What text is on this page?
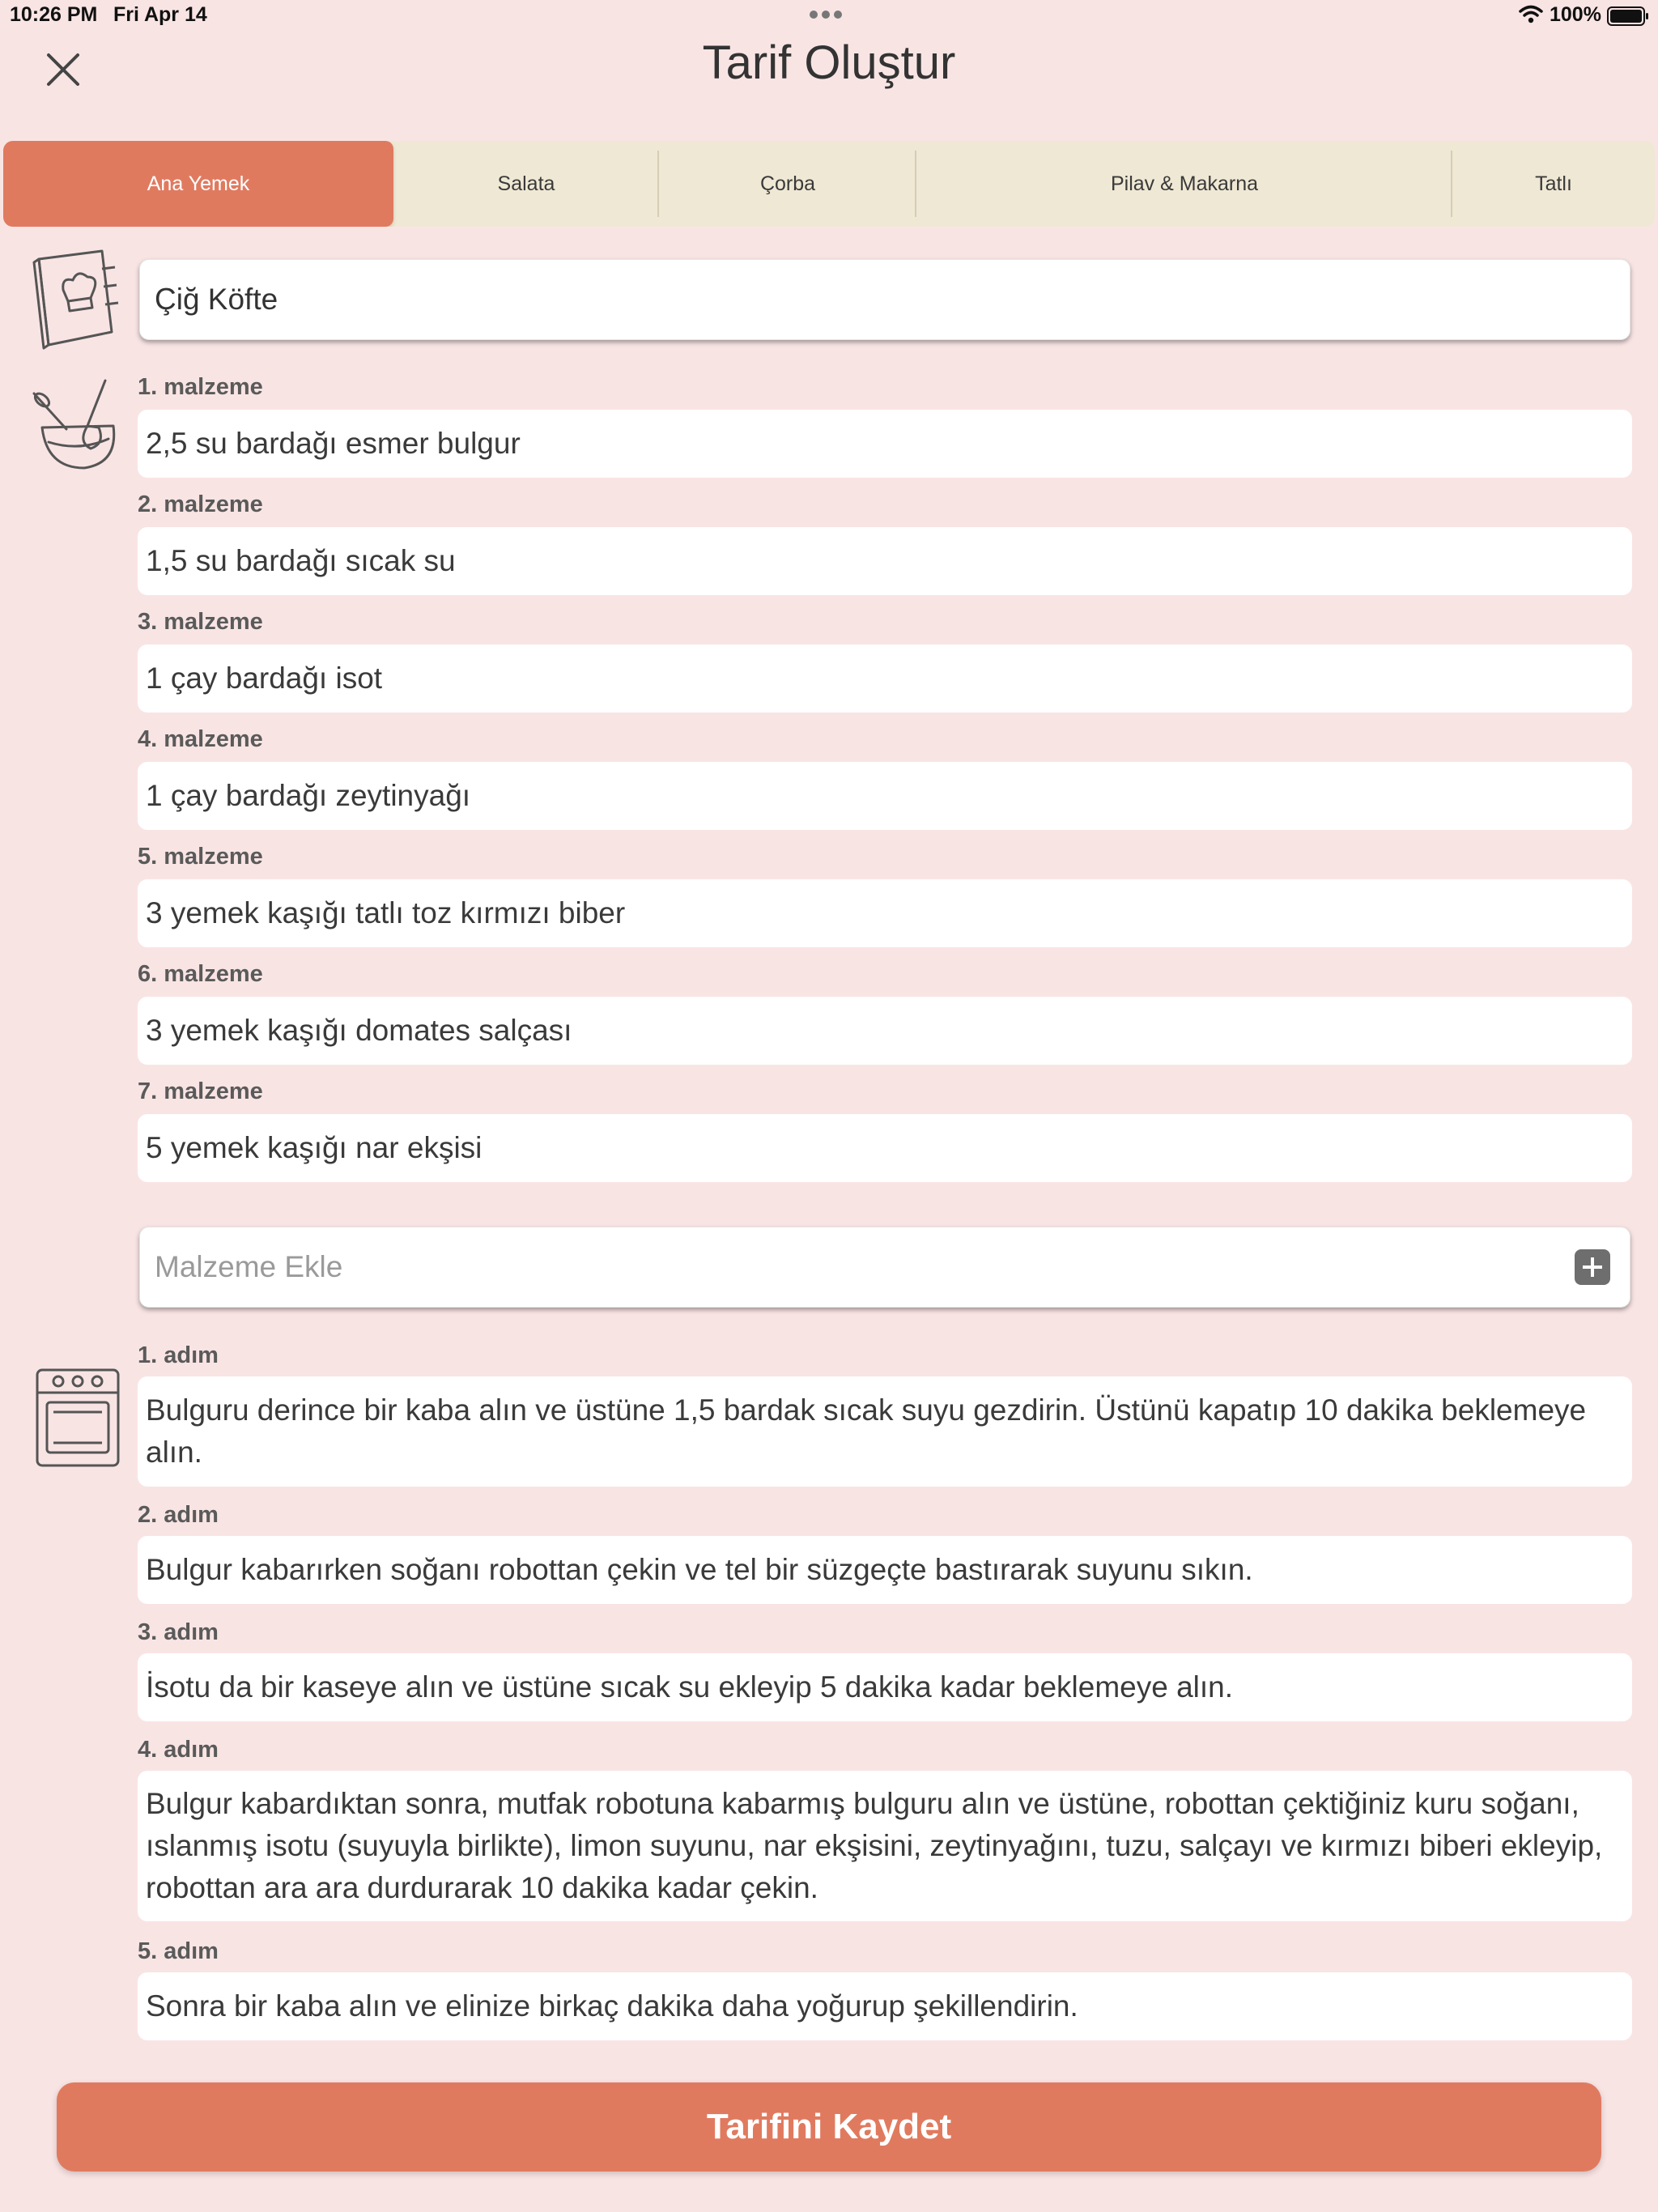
10:26 PM Fri Apr 14	100%
Tarif Oluştur
Ana Yemek	Salata	Çorba	Pilav & Makarna	Tatlı
Çiğ Köfte
1. malzeme
2,5 su bardağı esmer bulgur
2. malzeme
1,5 su bardağı sıcak su
3. malzeme
1 çay bardağı isot
4. malzeme
1 çay bardağı zeytinyağı
5. malzeme
3 yemek kaşığı tatlı toz kırmızı biber
6. malzeme
3 yemek kaşığı domates salçası
7. malzeme
5 yemek kaşığı nar ekşisi
Malzeme Ekle
1. adım
Bulguru derince bir kaba alın ve üstüne 1,5 bardak sıcak suyu gezdirin. Üstünü kapatıp 10 dakika beklemeye alın.
2. adım
Bulgur kabarırken soğanı robottan çekin ve tel bir süzgeçte bastırarak suyunu sıkın.
3. adım
İsotu da bir kaseye alın ve üstüne sıcak su ekleyip 5 dakika kadar beklemeye alın.
4. adım
Bulgur kabardıktan sonra, mutfak robotuna kabarmış bulguru alın ve üstüne, robottan çektiğiniz kuru soğanı, ıslanmış isotu (suyuyla birlikte), limon suyunu, nar ekşisini, zeytinyağını, tuzu, salçayı ve kırmızı biberi ekleyip, robottan ara ara durdurarak 10 dakika kadar çekin.
5. adım
Sonra bir kaba alın ve elinize birkaç dakika daha yoğurup şekillendirin.
Tarifini Kaydet
